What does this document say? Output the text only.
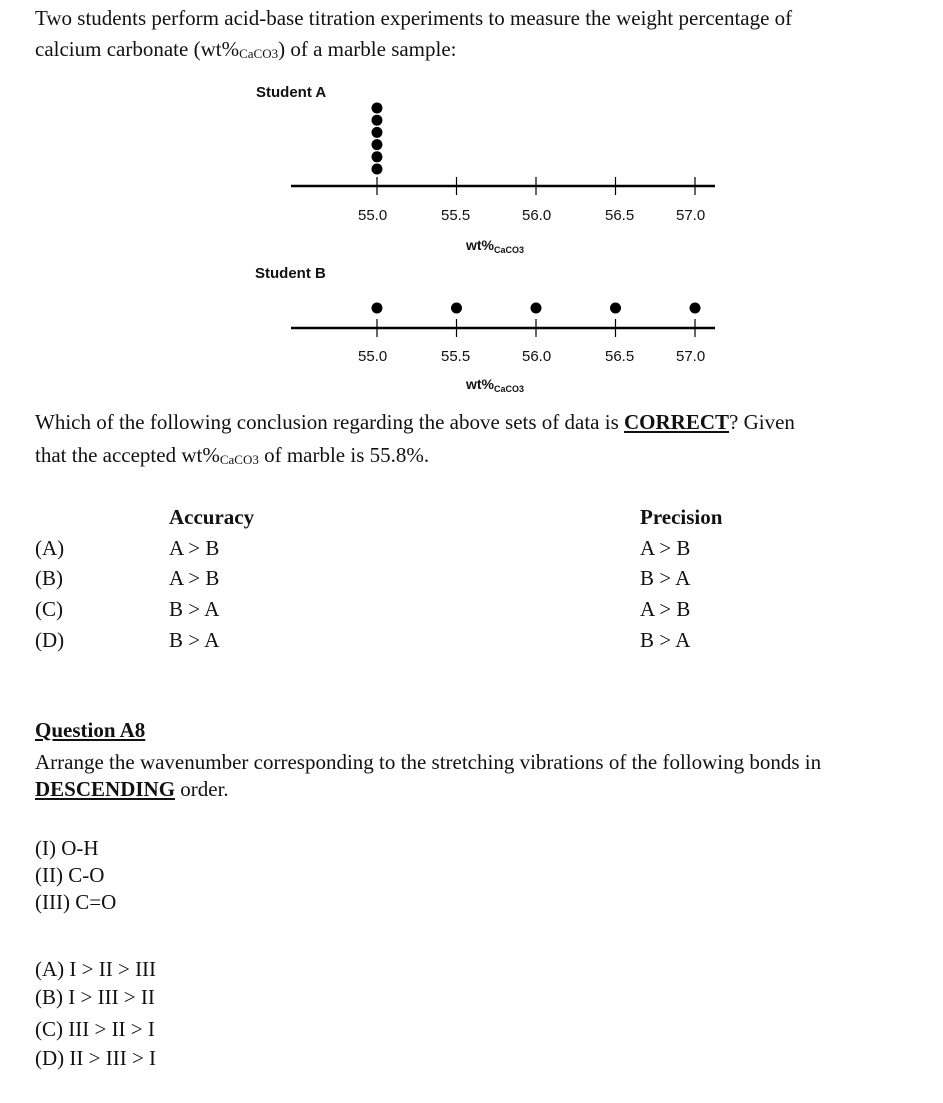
Two students perform acid-base titration experiments to measure the weight percentage of
calcium carbonate $(wt\%_{CaCO3})$ of a marble sample:
Student A
55.0	55.5	56.0	56.5	57.0
$wt\%_{CaCO3}$
Student B
55.0	55.5	56.0	56.5	57.0
$wt\%_{CaCO3}$
Which of the following conclusion regarding the above sets of data is CORRECT? Given
that the accepted $wt\%_{CaCO3}$ of marble is 55.8%.
Accuracy	Precision
(A)	A > B	A > B
(B)	A > B	B > A
(C)	B > A	A > B
(D)	B > A	B > A
Question A8
Arrange the wavenumber corresponding to the stretching vibrations of the following bonds in
DESCENDING order.
(I) O-H
(II) C-O
(III) C=O
(A) I > II > III
(B) I > III > II
(C) III > II > I
(D) II > III > I
